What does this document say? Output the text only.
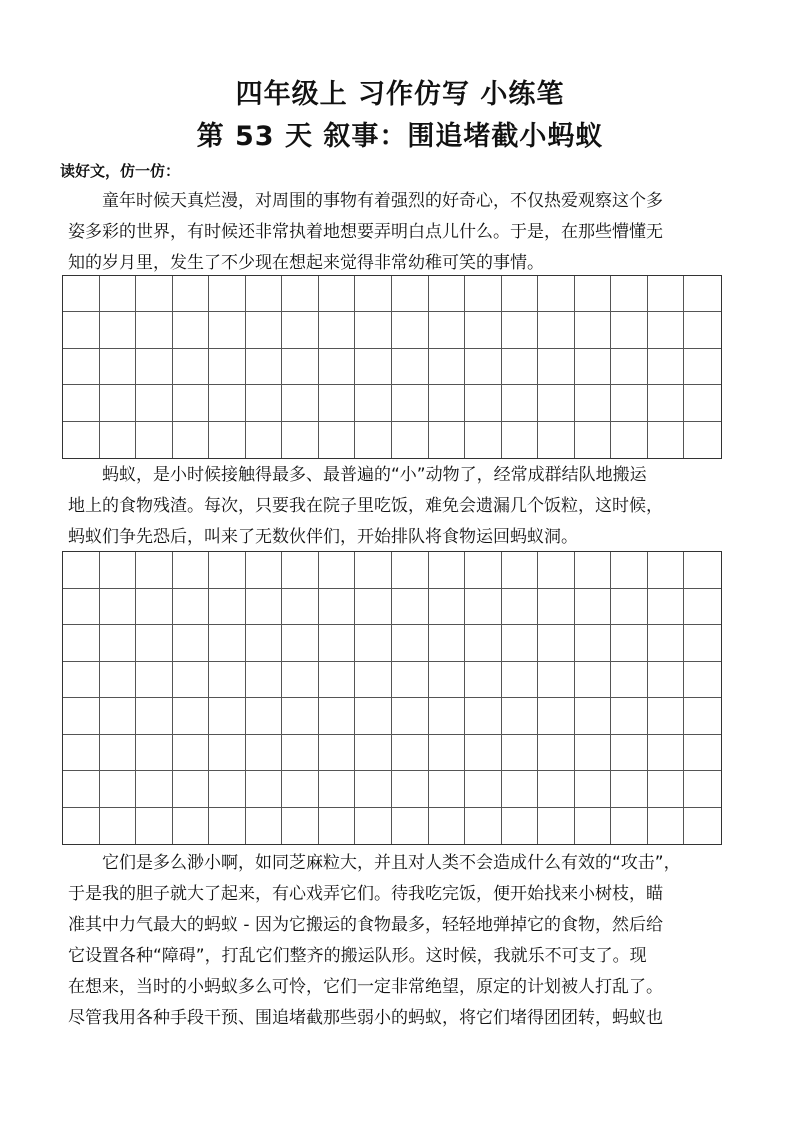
四年级上 习作仿写 小练笔
第 53 天 叙事：围追堵截小蚂蚁
读好文，仿一仿：
童年时候天真烂漫，对周围的事物有着强烈的好奇心，不仅热爱观察这个多
姿多彩的世界，有时候还非常执着地想要弄明白点儿什么。于是，在那些懵懂无
知的岁月里，发生了不少现在想起来觉得非常幼稚可笑的事情。
蚂蚁，是小时候接触得最多、最普遍的“小”动物了，经常成群结队地搬运
地上的食物残渣。每次，只要我在院子里吃饭，难免会遗漏几个饭粒，这时候，
蚂蚁们争先恐后，叫来了无数伙伴们，开始排队将食物运回蚂蚁洞。
它们是多么渺小啊，如同芝麻粒大，并且对人类不会造成什么有效的“攻击”，
于是我的胆子就大了起来，有心戏弄它们。待我吃完饭，便开始找来小树枝，瞄
准其中力气最大的蚂蚁 - 因为它搬运的食物最多，轻轻地弹掉它的食物，然后给
它设置各种“障碍”，打乱它们整齐的搬运队形。这时候，我就乐不可支了。现
在想来，当时的小蚂蚁多么可怜，它们一定非常绝望，原定的计划被人打乱了。
尽管我用各种手段干预、围追堵截那些弱小的蚂蚁，将它们堵得团团转，蚂蚁也
